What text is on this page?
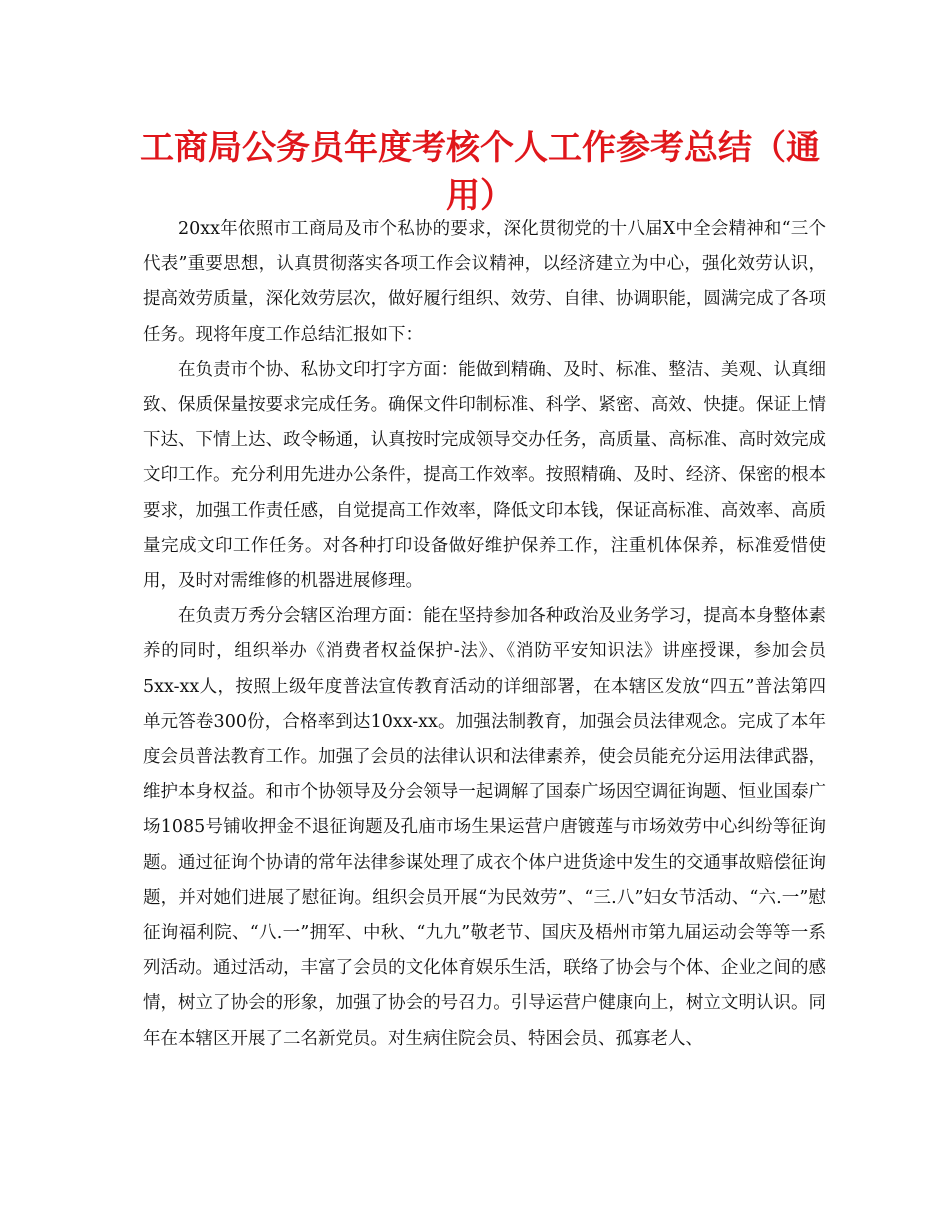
工商局公务员年度考核个人工作参考总结（通用）

20xx年依照市工商局及市个私协的要求，深化贯彻党的十八届X中全会精神和“三个代表”重要思想，认真贯彻落实各项工作会议精神，以经济建立为中心，强化效劳认识，提高效劳质量，深化效劳层次，做好履行组织、效劳、自律、协调职能，圆满完成了各项任务。现将年度工作总结汇报如下：

在负责市个协、私协文印打字方面：能做到精确、及时、标准、整洁、美观、认真细致、保质保量按要求完成任务。确保文件印制标准、科学、紧密、高效、快捷。保证上情下达、下情上达、政令畅通，认真按时完成领导交办任务，高质量、高标准、高时效完成文印工作。充分利用先进办公条件，提高工作效率。按照精确、及时、经济、保密的根本要求，加强工作责任感，自觉提高工作效率，降低文印本钱，保证高标准、高效率、高质量完成文印工作任务。对各种打印设备做好维护保养工作，注重机体保养，标准爱惜使用，及时对需维修的机器进展修理。

在负责万秀分会辖区治理方面：能在坚持参加各种政治及业务学习，提高本身整体素养的同时，组织举办《消费者权益保护-法》、《消防平安知识法》讲座授课，参加会员5xx-xx人，按照上级年度普法宣传教育活动的详细部署，在本辖区发放“四五”普法第四单元答卷300份，合格率到达10xx-xx。加强法制教育，加强会员法律观念。完成了本年度会员普法教育工作。加强了会员的法律认识和法律素养，使会员能充分运用法律武器，维护本身权益。和市个协领导及分会领导一起调解了国泰广场因空调征询题、恒业国泰广场1085号铺收押金不退征询题及孔庙市场生果运营户唐镀莲与市场效劳中心纠纷等征询题。通过征询个协请的常年法律参谋处理了成衣个体户进货途中发生的交通事故赔偿征询题，并对她们进展了慰征询。组织会员开展“为民效劳”、“三.八”妇女节活动、“六.一”慰征询福利院、“八.一”拥军、中秋、“九九”敬老节、国庆及梧州市第九届运动会等等一系列活动。通过活动，丰富了会员的文化体育娱乐生活，联络了协会与个体、企业之间的感情，树立了协会的形象，加强了协会的号召力。引导运营户健康向上，树立文明认识。同年在本辖区开展了二名新党员。对生病住院会员、特困会员、孤寡老人、
